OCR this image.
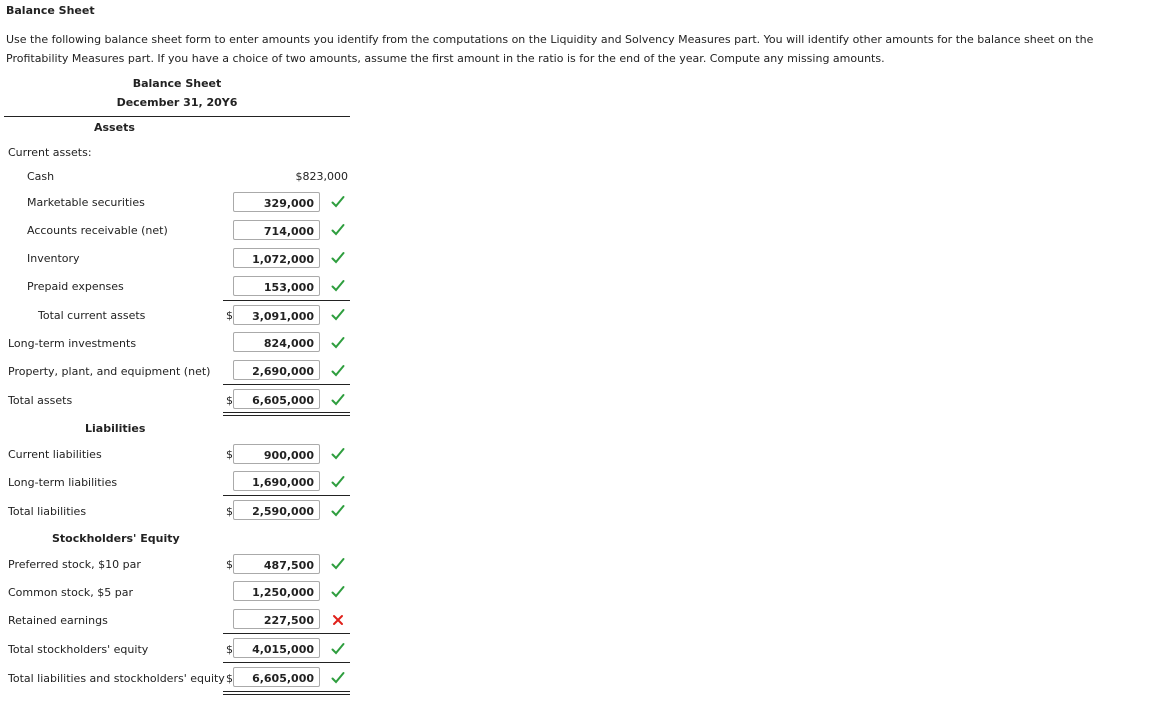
Balance Sheet
Use the following balance sheet form to enter amounts you identify from the computations on the Liquidity and Solvency Measures part. You will identify other amounts for the balance sheet on the Profitability Measures part. If you have a choice of two amounts, assume the first amount in the ratio is for the end of the year. Compute any missing amounts.
Balance Sheet
December 31, 20Y6
Assets
Current assets:
Cash	$823,000
Marketable securities	329,000
Accounts receivable (net)	714,000
Inventory	1,072,000
Prepaid expenses	153,000
Total current assets	$	3,091,000
Long-term investments	824,000
Property, plant, and equipment (net)	2,690,000
Total assets	$	6,605,000
Liabilities
Current liabilities	$	900,000
Long-term liabilities	1,690,000
Total liabilities	$	2,590,000
Stockholders' Equity
Preferred stock, $10 par	$	487,500
Common stock, $5 par	1,250,000
Retained earnings	227,500
Total stockholders' equity	$	4,015,000
Total liabilities and stockholders' equity $	6,605,000
